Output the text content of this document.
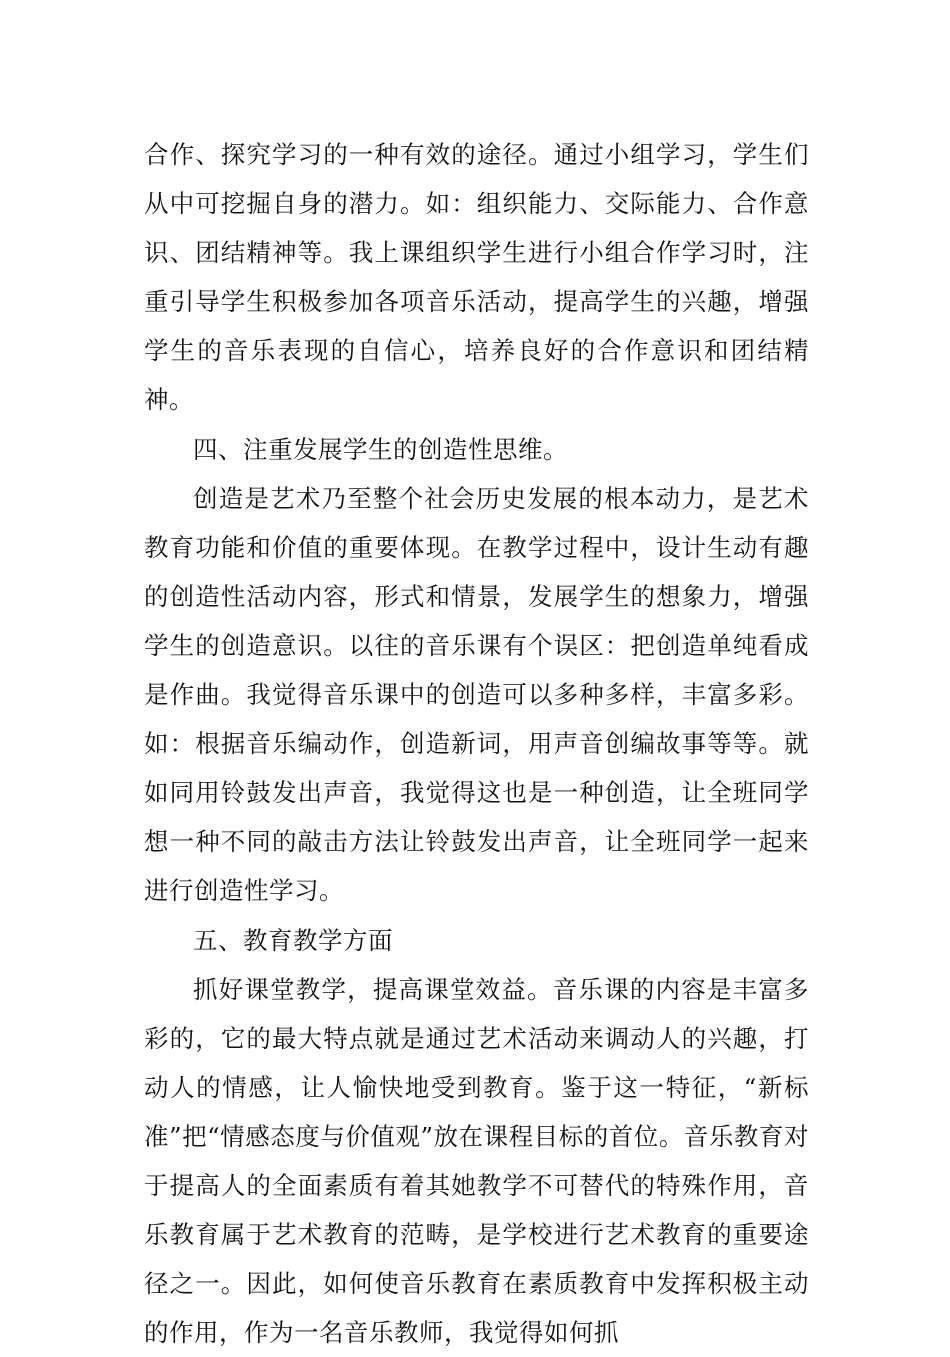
合作、探究学习的一种有效的途径。通过小组学习，学生们从中可挖掘自身的潜力。如：组织能力、交际能力、合作意识、团结精神等。我上课组织学生进行小组合作学习时，注重引导学生积极参加各项音乐活动，提高学生的兴趣，增强学生的音乐表现的自信心，培养良好的合作意识和团结精神。

四、注重发展学生的创造性思维。

创造是艺术乃至整个社会历史发展的根本动力，是艺术教育功能和价值的重要体现。在教学过程中，设计生动有趣的创造性活动内容，形式和情景，发展学生的想象力，增强学生的创造意识。以往的音乐课有个误区：把创造单纯看成是作曲。我觉得音乐课中的创造可以多种多样，丰富多彩。如：根据音乐编动作，创造新词，用声音创编故事等等。就如同用铃鼓发出声音，我觉得这也是一种创造，让全班同学想一种不同的敲击方法让铃鼓发出声音，让全班同学一起来进行创造性学习。

五、教育教学方面

抓好课堂教学，提高课堂效益。音乐课的内容是丰富多彩的，它的最大特点就是通过艺术活动来调动人的兴趣，打动人的情感，让人愉快地受到教育。鉴于这一特征，“新标准”把“情感态度与价值观”放在课程目标的首位。音乐教育对于提高人的全面素质有着其她教学不可替代的特殊作用，音乐教育属于艺术教育的范畴，是学校进行艺术教育的重要途径之一。因此，如何使音乐教育在素质教育中发挥积极主动的作用，作为一名音乐教师，我觉得如何抓
